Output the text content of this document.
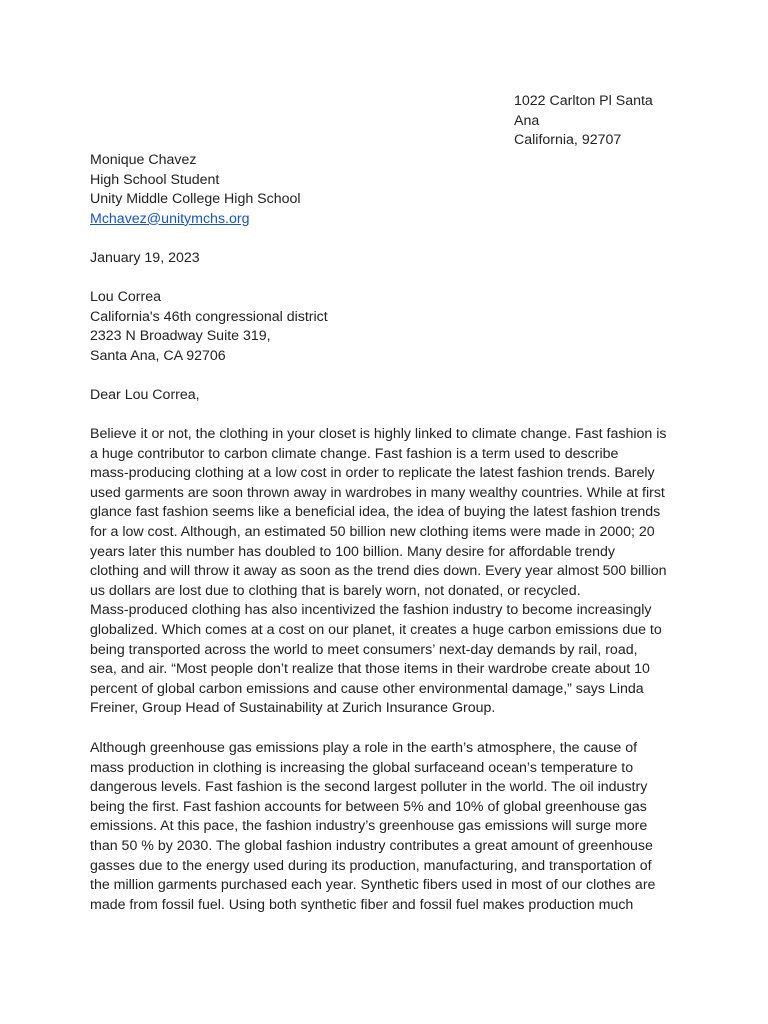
1022 Carlton Pl Santa
Ana
California, 92707
Monique Chavez
High School Student
Unity Middle College High School
Mchavez@unitymchs.org
January 19, 2023
Lou Correa
California's 46th congressional district
2323 N Broadway Suite 319,
Santa Ana, CA 92706
Dear Lou Correa,
Believe it or not, the clothing in your closet is highly linked to climate change. Fast fashion is
a huge contributor to carbon climate change. Fast fashion is a term used to describe
mass-producing clothing at a low cost in order to replicate the latest fashion trends. Barely
used garments are soon thrown away in wardrobes in many wealthy countries. While at first
glance fast fashion seems like a beneficial idea, the idea of buying the latest fashion trends
for a low cost. Although, an estimated 50 billion new clothing items were made in 2000; 20
years later this number has doubled to 100 billion. Many desire for affordable trendy
clothing and will throw it away as soon as the trend dies down. Every year almost 500 billion
us dollars are lost due to clothing that is barely worn, not donated, or recycled.
Mass-produced clothing has also incentivized the fashion industry to become increasingly
globalized. Which comes at a cost on our planet, it creates a huge carbon emissions due to
being transported across the world to meet consumers’ next-day demands by rail, road,
sea, and air. “Most people don’t realize that those items in their wardrobe create about 10
percent of global carbon emissions and cause other environmental damage,” says Linda
Freiner, Group Head of Sustainability at Zurich Insurance Group.
Although greenhouse gas emissions play a role in the earth’s atmosphere, the cause of
mass production in clothing is increasing the global surfaceand ocean’s temperature to
dangerous levels. Fast fashion is the second largest polluter in the world. The oil industry
being the first. Fast fashion accounts for between 5% and 10% of global greenhouse gas
emissions. At this pace, the fashion industry’s greenhouse gas emissions will surge more
than 50 % by 2030. The global fashion industry contributes a great amount of greenhouse
gasses due to the energy used during its production, manufacturing, and transportation of
the million garments purchased each year. Synthetic fibers used in most of our clothes are
made from fossil fuel. Using both synthetic fiber and fossil fuel makes production much
